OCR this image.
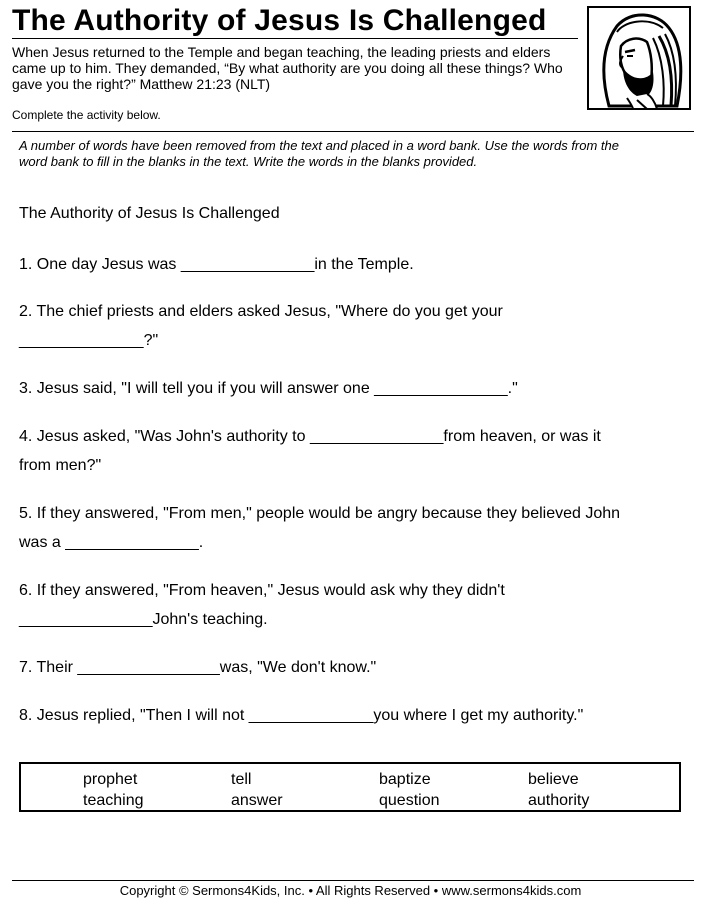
The Authority of Jesus Is Challenged

When Jesus returned to the Temple and began teaching, the leading priests and elders came up to him. They demanded, “By what authority are you doing all these things? Who gave you the right?” Matthew 21:23 (NLT)

Complete the activity below.

A number of words have been removed from the text and placed in a word bank. Use the words from the word bank to fill in the blanks in the text. Write the words in the blanks provided.

The Authority of Jesus Is Challenged

1. One day Jesus was _______________in the Temple.
2. The chief priests and elders asked Jesus, "Where do you get your
______________?"
3. Jesus said, "I will tell you if you will answer one _______________."
4. Jesus asked, "Was John's authority to _______________from heaven, or was it
from men?"
5. If they answered, "From men," people would be angry because they believed John
was a _______________.
6. If they answered, "From heaven," Jesus would ask why they didn't
_______________John's teaching.
7. Their ________________was, "We don't know."
8. Jesus replied, "Then I will not ______________you where I get my authority."
prophet	tell	baptize	believe
teaching	answer	question	authority

Copyright © Sermons4Kids, Inc. • All Rights Reserved • www.sermons4kids.com
